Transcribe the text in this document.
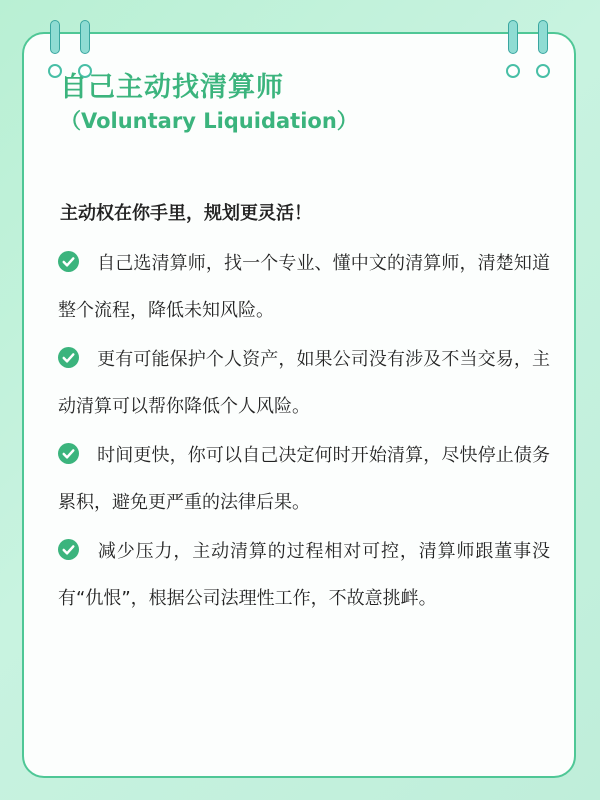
自己主动找清算师

（Voluntary Liquidation）

主动权在你手里，规划更灵活！

自己选清算师，找一个专业、懂中文的清算师，清楚知道整个流程，降低未知风险。
更有可能保护个人资产，如果公司没有涉及不当交易，主动清算可以帮你降低个人风险。
时间更快，你可以自己决定何时开始清算，尽快停止债务累积，避免更严重的法律后果。
减少压力，主动清算的过程相对可控，清算师跟董事没有“仇恨”，根据公司法理性工作，不故意挑衅。
